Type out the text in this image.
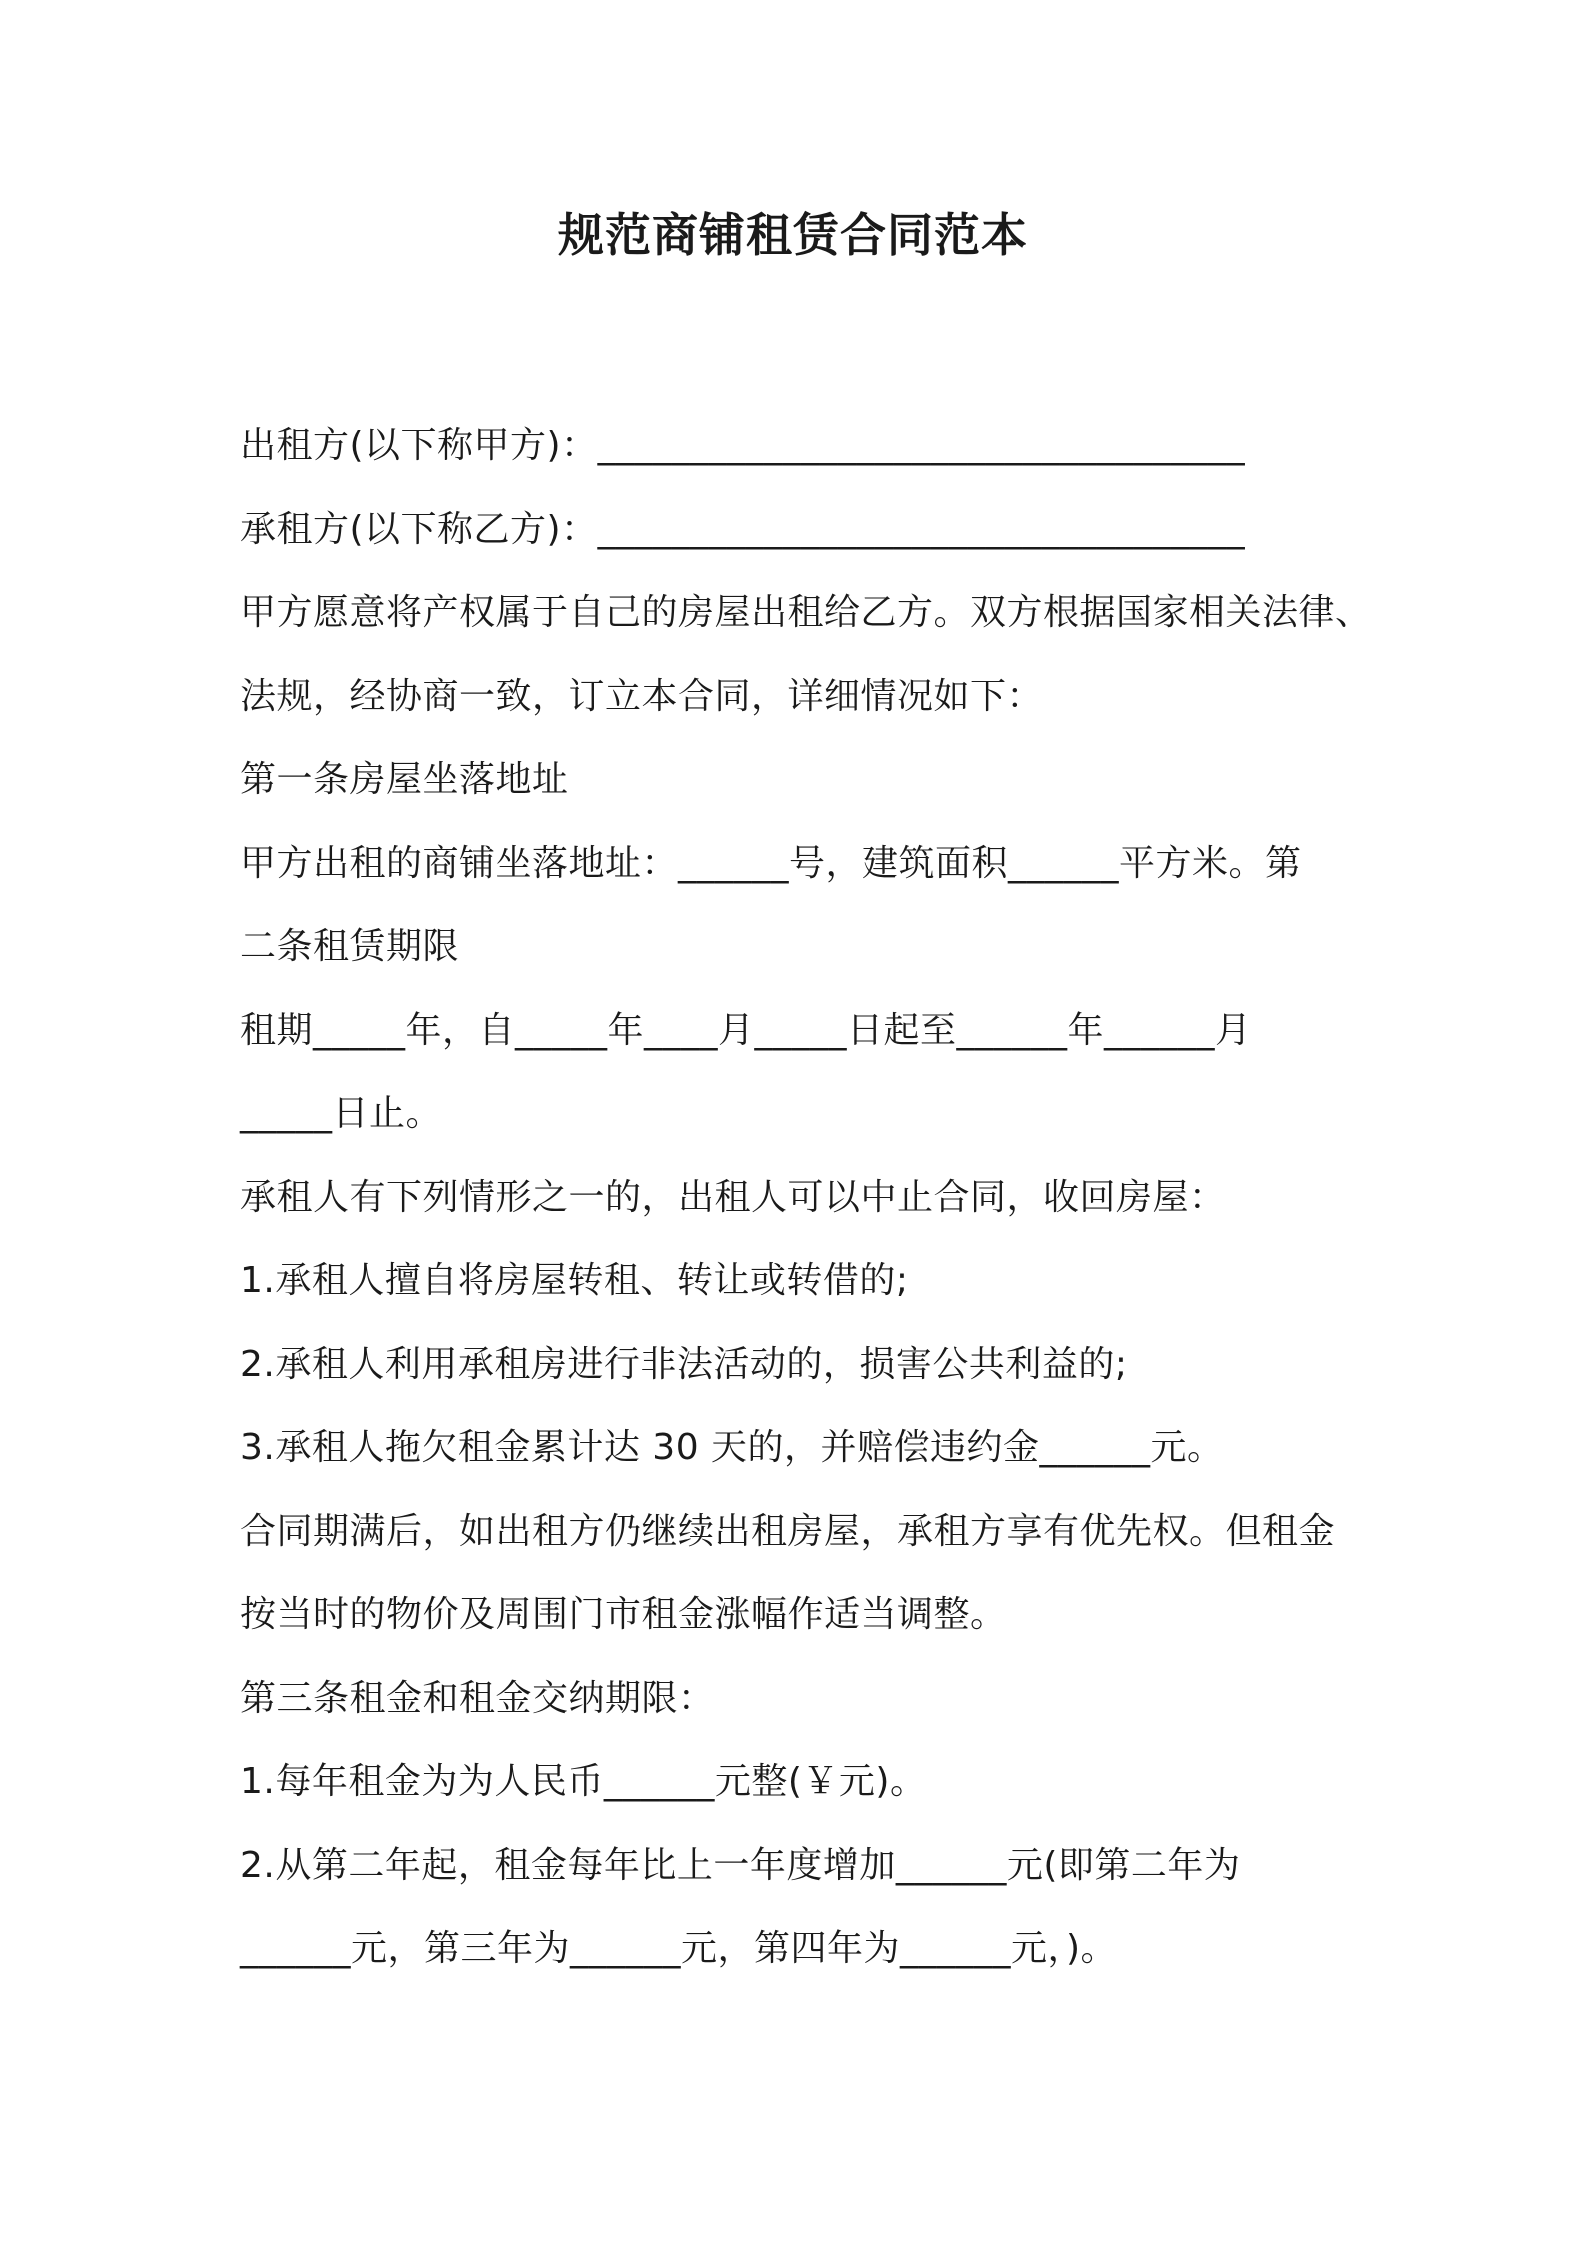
规范商铺租赁合同范本
出租方(以下称甲方)：___________________________________
承租方(以下称乙方)：___________________________________
甲方愿意将产权属于自己的房屋出租给乙方。双方根据国家相关法律、
法规，经协商一致，订立本合同，详细情况如下：
第一条房屋坐落地址
甲方出租的商铺坐落地址：______号，建筑面积______平方米。第
二条租赁期限
租期_____年，自_____年____月_____日起至______年______月
_____日止。
承租人有下列情形之一的，出租人可以中止合同，收回房屋：
1.承租人擅自将房屋转租、转让或转借的;
2.承租人利用承租房进行非法活动的，损害公共利益的;
3.承租人拖欠租金累计达 30 天的，并赔偿违约金______元。
合同期满后，如出租方仍继续出租房屋，承租方享有优先权。但租金
按当时的物价及周围门市租金涨幅作适当调整。
第三条租金和租金交纳期限：
1.每年租金为为人民币______元整(￥元)。
2.从第二年起，租金每年比上一年度增加______元(即第二年为
______元，第三年为______元，第四年为______元，)。
